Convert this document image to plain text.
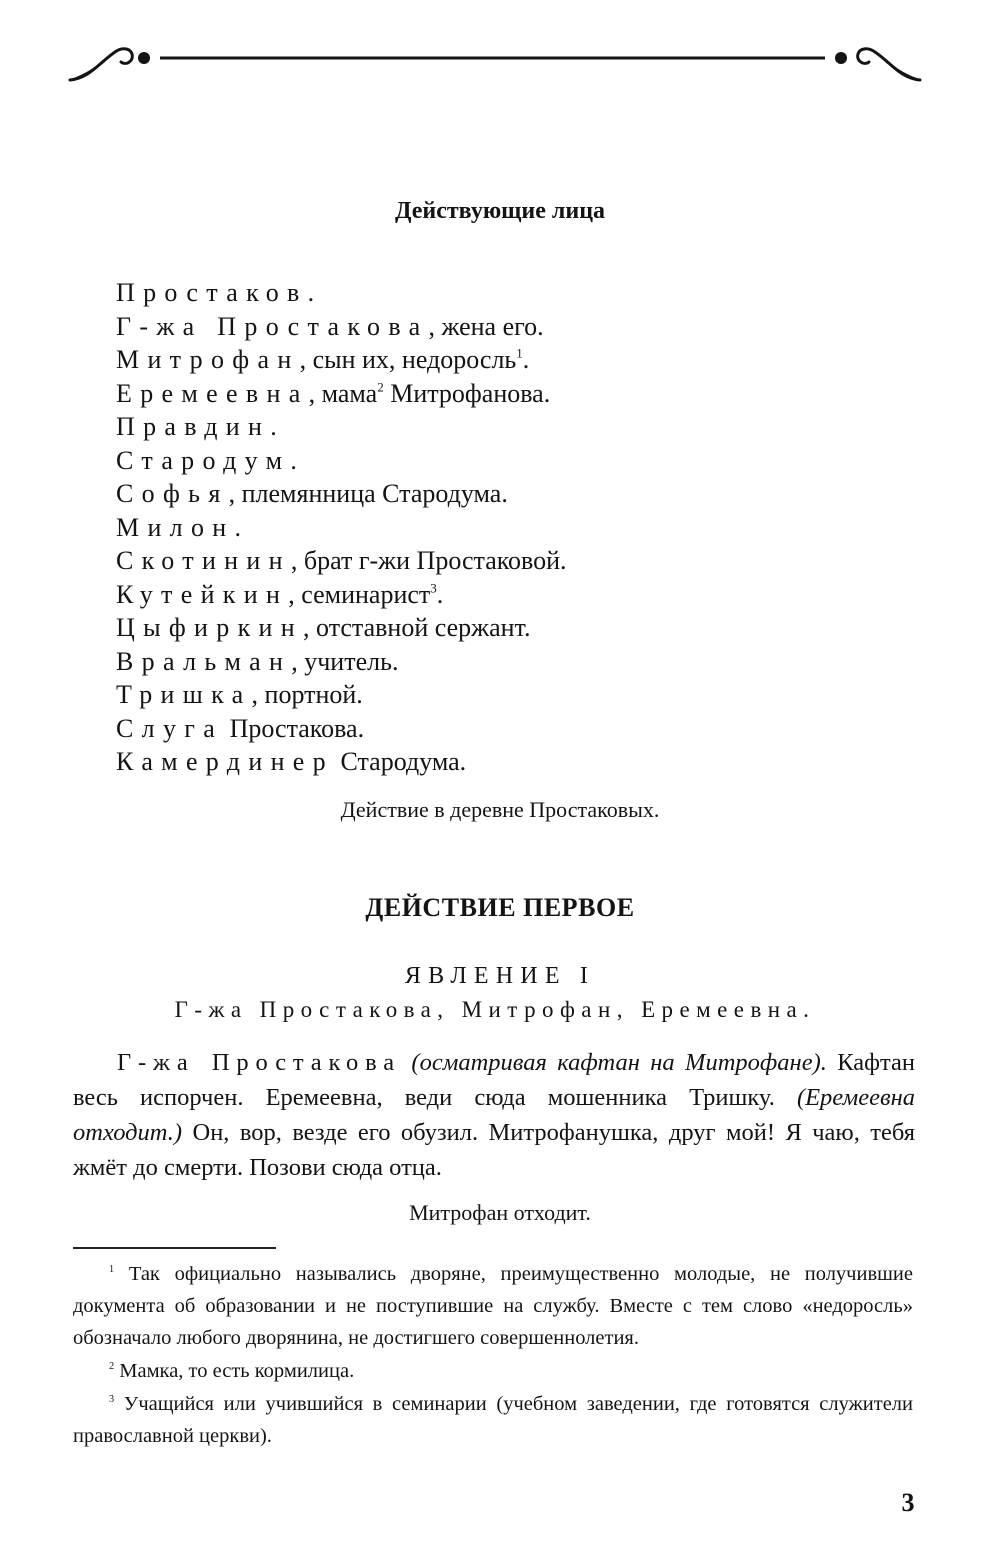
Действующие лица
Простаков.
Г-жа Простакова, жена его.
Митрофан, сын их, недоросль$^1$.
Еремеевна, мама$^2$ Митрофанова.
Правдин.
Стародум.
Софья, племянница Стародума.
Милон.
Скотинин, брат г-жи Простаковой.
Кутейкин, семинарист$^3$.
Цыфиркин, отставной сержант.
Вральман, учитель.
Тришка, портной.
Слуга Простакова.
Камердинер Стародума.
Действие в деревне Простаковых.
ДЕЙСТВИЕ ПЕРВОЕ
ЯВЛЕНИЕ I
Г-жа Простакова, Митрофан, Еремеевна.

Г-жа Простакова (осматривая кафтан на Митрофане). Кафтан весь испорчен. Еремеевна, веди сюда мошенника Тришку. (Еремеевна отходит.) Он, вор, везде его обузил. Митрофанушка, друг мой! Я чаю, тебя жмёт до смерти. Позови сюда отца.

Митрофан отходит.

$^1$ Так официально назывались дворяне, преимущественно молодые, не получившие документа об образовании и не поступившие на службу. Вместе с тем слово «недоросль» обозначало любого дворянина, не достигшего совершеннолетия.

$^2$ Мамка, то есть кормилица.

$^3$ Учащийся или учившийся в семинарии (учебном заведении, где готовятся служители православной церкви).

3
